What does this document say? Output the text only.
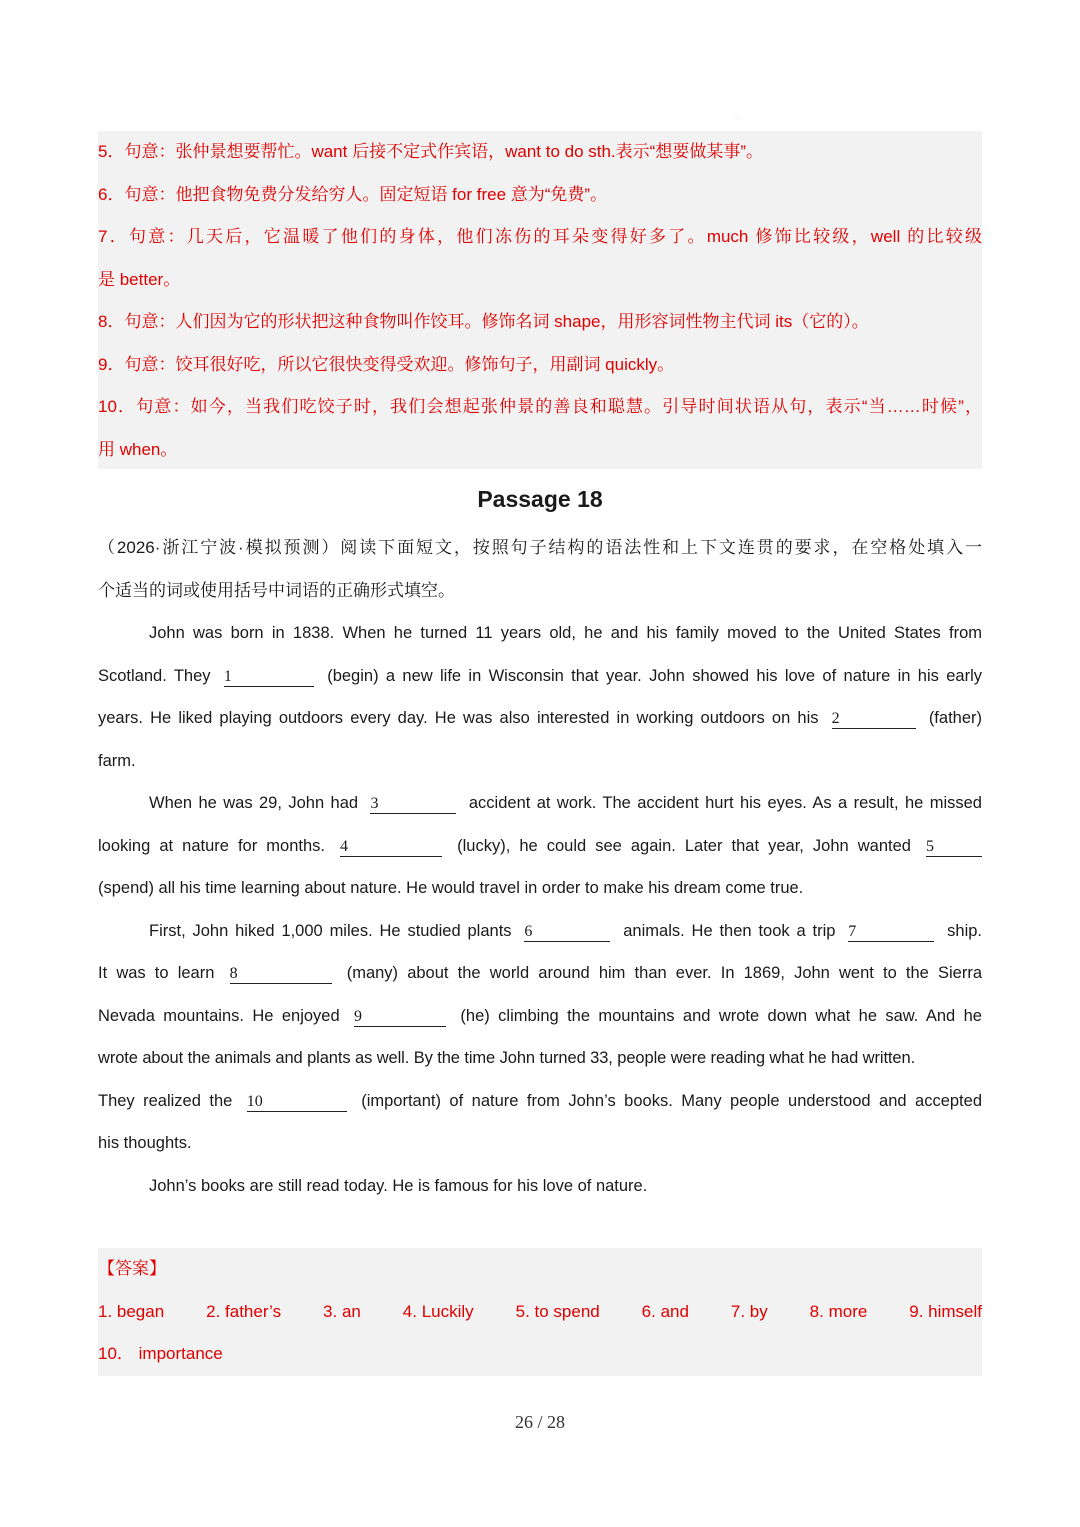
.

5．句意：张仲景想要帮忙。want 后接不定式作宾语，want to do sth.表示“想要做某事”。

6．句意：他把食物免费分发给穷人。固定短语 for free 意为“免费”。

7．句意：几天后，它温暖了他们的身体，他们冻伤的耳朵变得好多了。much 修饰比较级，well 的比较级

是 better。

8．句意：人们因为它的形状把这种食物叫作饺耳。修饰名词 shape，用形容词性物主代词 its（它的）。

9．句意：饺耳很好吃，所以它很快变得受欢迎。修饰句子，用副词 quickly。

10．句意：如今，当我们吃饺子时，我们会想起张仲景的善良和聪慧。引导时间状语从句，表示“当……时候”，

用 when。

Passage 18

（2026·浙江宁波·模拟预测）阅读下面短文，按照句子结构的语法性和上下文连贯的要求，在空格处填入一

个适当的词或使用括号中词语的正确形式填空。

John was born in 1838. When he turned 11 years old, he and his family moved to the United States from
Scotland. They 1	(begin) a new life in Wisconsin that year. John showed his love of nature in his early
years. He liked playing outdoors every day. He was also interested in working outdoors on his 2	(father)
farm.
When he was 29, John had 3	accident at work. The accident hurt his eyes. As a result, he missed
looking at nature for months. 4	(lucky), he could see again. Later that year, John wanted 5
(spend) all his time learning about nature. He would travel in order to make his dream come true.
First, John hiked 1,000 miles. He studied plants 6	animals. He then took a trip 7	ship.
It was to learn 8	(many) about the world around him than ever. In 1869, John went to the Sierra
Nevada mountains. He enjoyed 9	(he) climbing the mountains and wrote down what he saw. And he
wrote about the animals and plants as well. By the time John turned 33, people were reading what he had written.
They realized the 10	(important) of nature from John’s books. Many people understood and accepted
his thoughts.
John’s books are still read today. He is famous for his love of nature.

【答案】

1. began 2. father’s 3. an 4. Luckily 5. to spend 6. and 7. by 8. more 9. himself

10． importance

26 / 28
